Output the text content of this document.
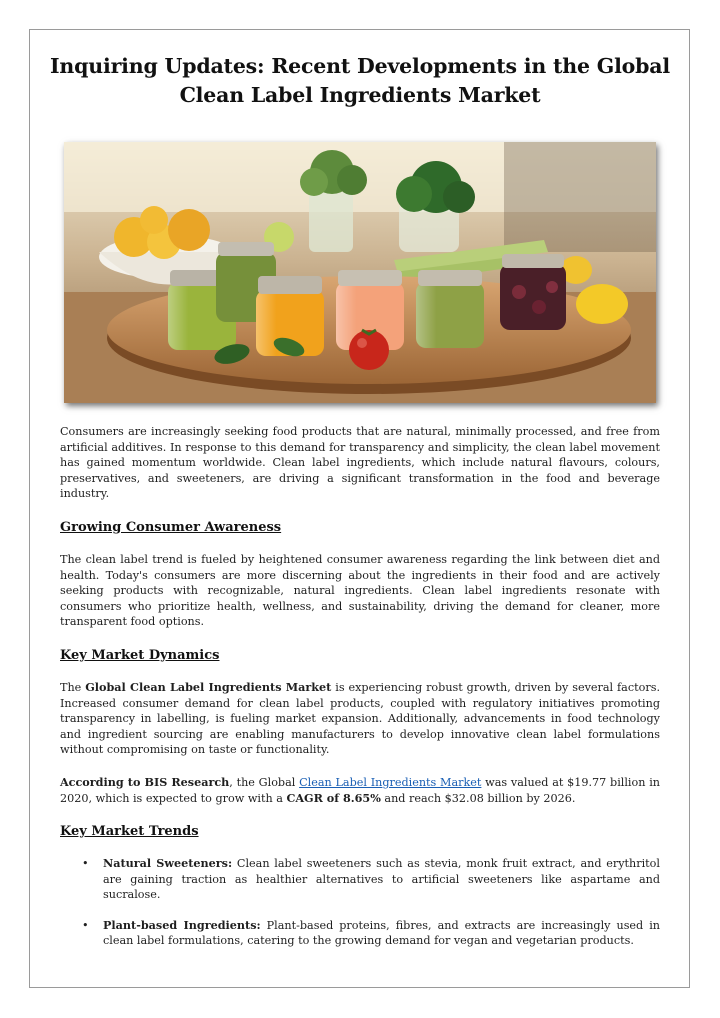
Inquiring Updates: Recent Developments in the Global Clean Label Ingredients Market

Consumers are increasingly seeking food products that are natural, minimally processed, and free from artificial additives. In response to this demand for transparency and simplicity, the clean label movement has gained momentum worldwide. Clean label ingredients, which include natural flavours, colours, preservatives, and sweeteners, are driving a significant transformation in the food and beverage industry.

Growing Consumer Awareness

The clean label trend is fueled by heightened consumer awareness regarding the link between diet and health. Today's consumers are more discerning about the ingredients in their food and are actively seeking products with recognizable, natural ingredients. Clean label ingredients resonate with consumers who prioritize health, wellness, and sustainability, driving the demand for cleaner, more transparent food options.

Key Market Dynamics

The Global Clean Label Ingredients Market is experiencing robust growth, driven by several factors. Increased consumer demand for clean label products, coupled with regulatory initiatives promoting transparency in labelling, is fueling market expansion. Additionally, advancements in food technology and ingredient sourcing are enabling manufacturers to develop innovative clean label formulations without compromising on taste or functionality.

According to BIS Research, the Global Clean Label Ingredients Market was valued at $19.77 billion in 2020, which is expected to grow with a CAGR of 8.65% and reach $32.08 billion by 2026.

Key Market Trends
• Natural Sweeteners: Clean label sweeteners such as stevia, monk fruit extract, and erythritol are gaining traction as healthier alternatives to artificial sweeteners like aspartame and sucralose.
• Plant-based Ingredients: Plant-based proteins, fibres, and extracts are increasingly used in clean label formulations, catering to the growing demand for vegan and vegetarian products.
